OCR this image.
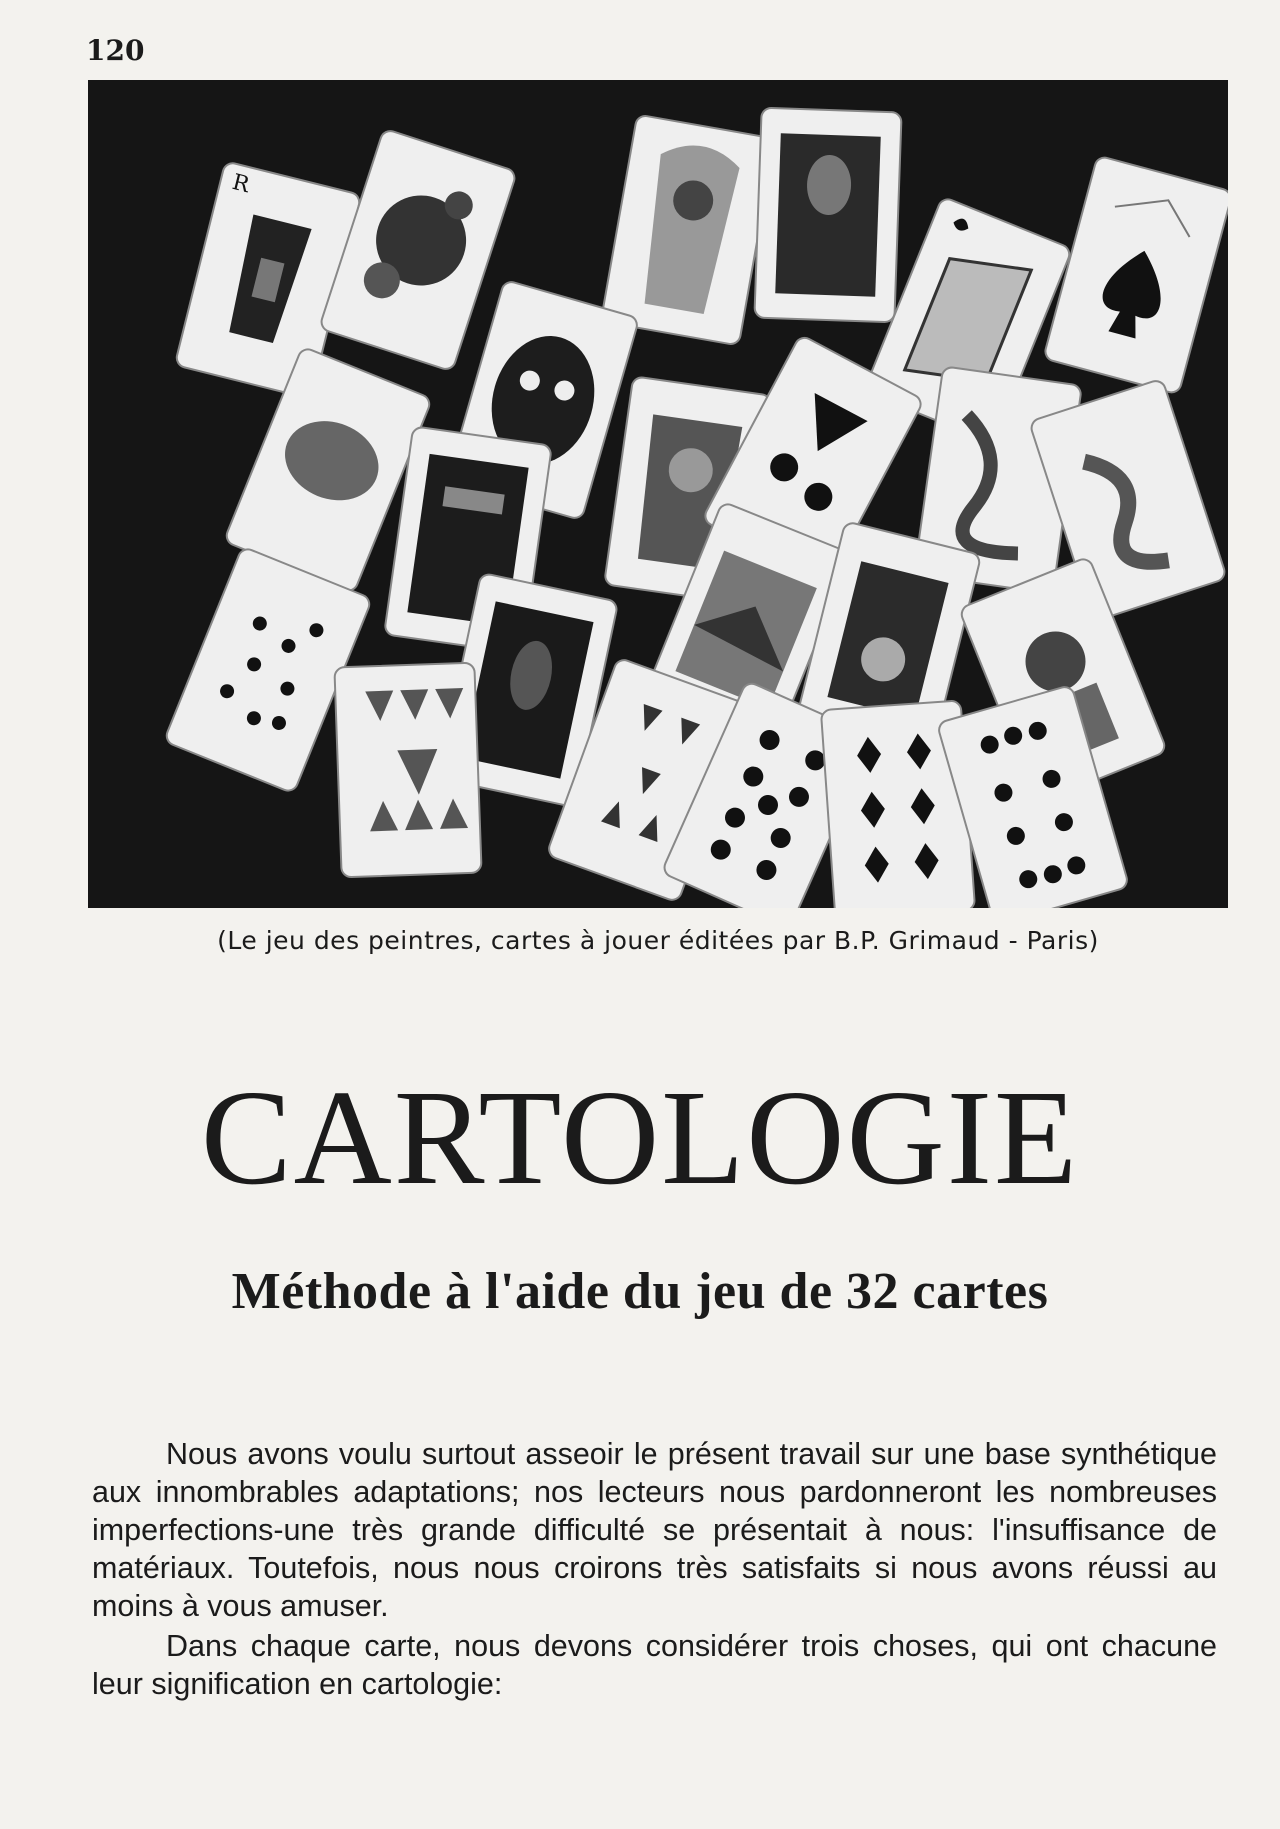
120
R
(Le jeu des peintres, cartes à jouer éditées par B.P. Grimaud - Paris)
CARTOLOGIE
Méthode à l'aide du jeu de 32 cartes

Nous avons voulu surtout asseoir le présent travail sur une base synthétique aux innombrables adaptations; nos lecteurs nous pardonneront les nombreuses imperfections-une très grande difficulté se présentait à nous: l'insuffisance de matériaux. Toutefois, nous nous croirons très satisfaits si nous avons réussi au moins à vous amuser.

Dans chaque carte, nous devons considérer trois choses, qui ont chacune leur signification en cartologie:
